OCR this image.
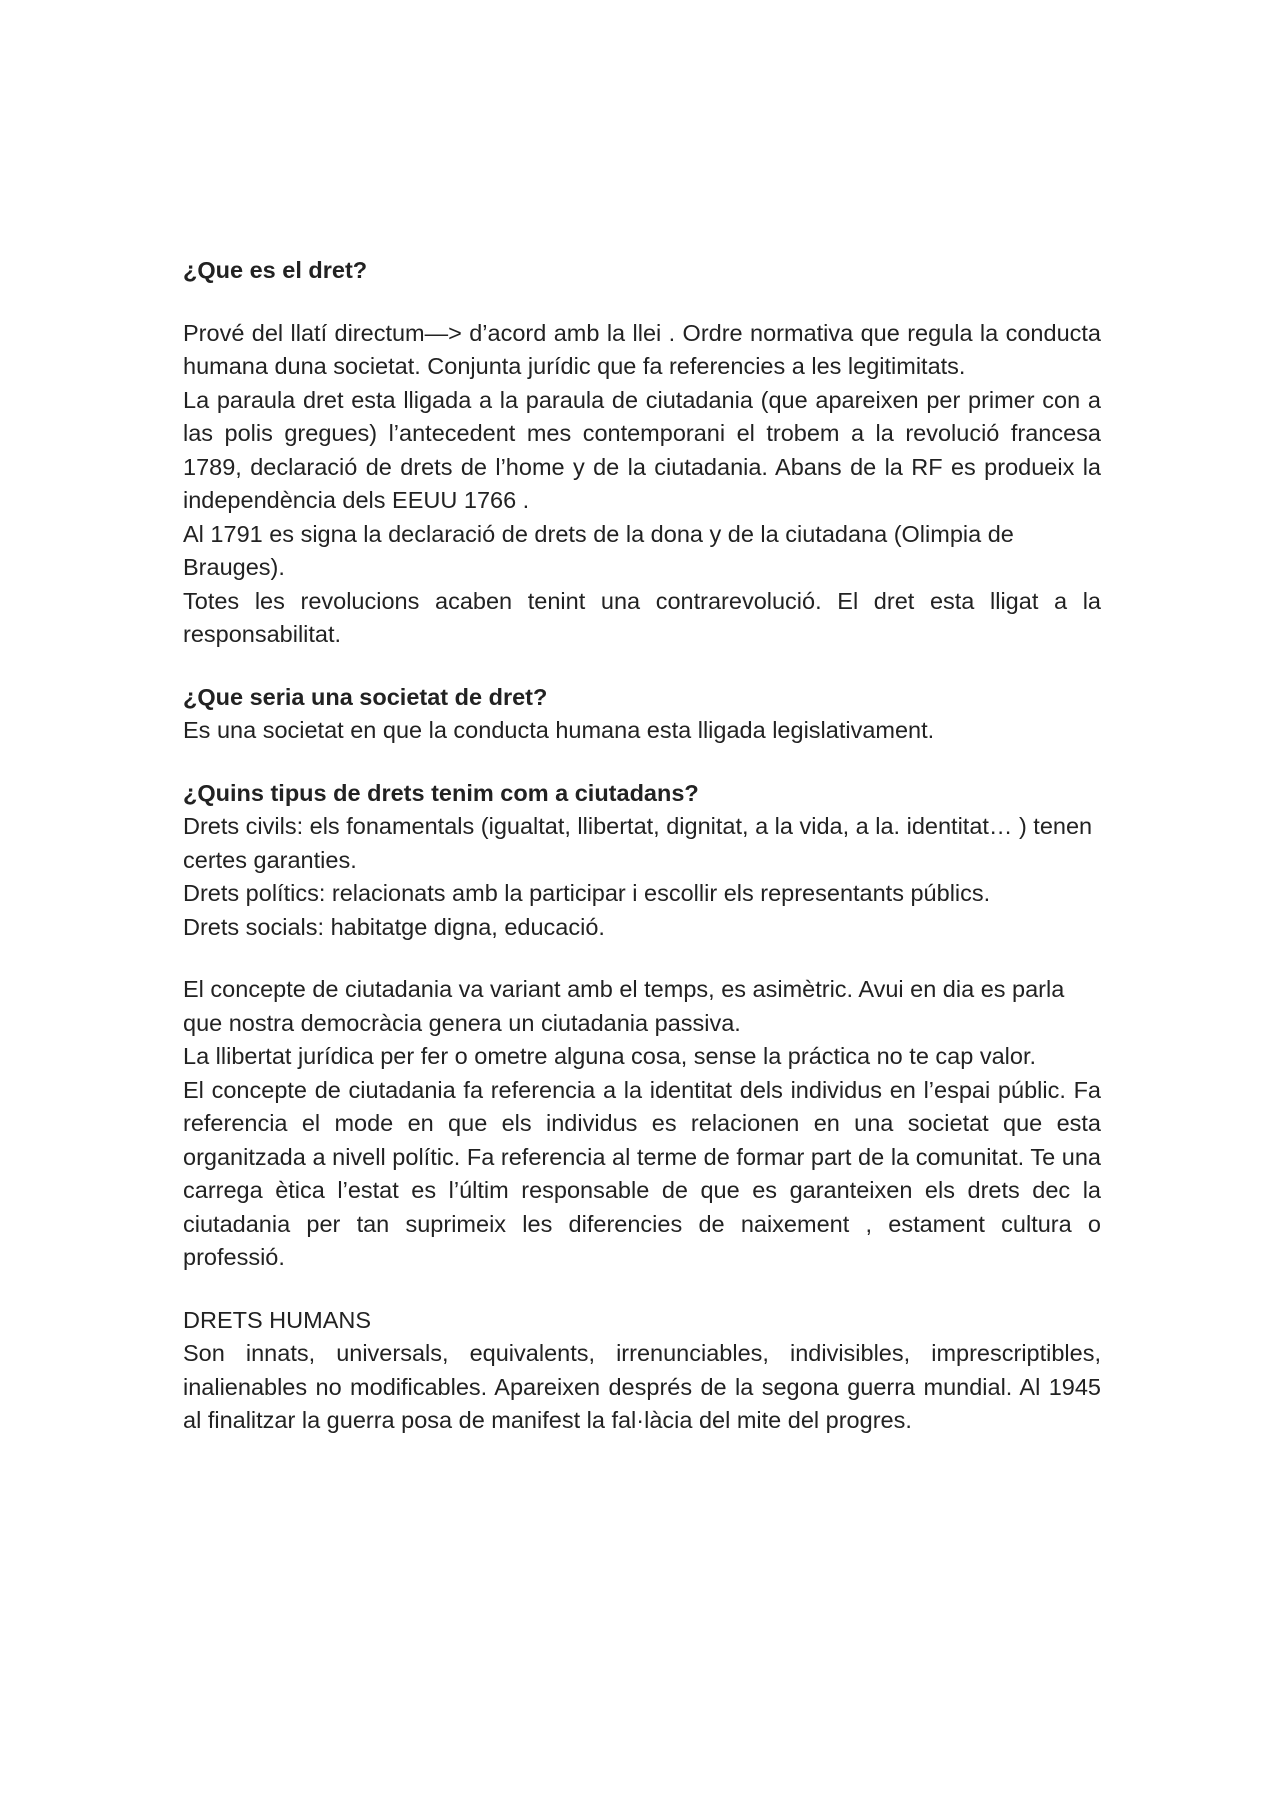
¿Que es el dret?

Prové del llatí directum—> d’acord amb la llei . Ordre normativa que regula la conducta humana duna societat. Conjunta jurídic que fa referencies a les legitimitats.

La paraula dret esta lligada a la paraula de ciutadania (que apareixen per primer con a las polis gregues) l’antecedent mes contemporani el trobem a la revolució francesa 1789, declaració de drets de l’home y de la ciutadania. Abans de la RF es produeix la independència dels EEUU 1766 .

Al 1791 es signa la declaració de drets de la dona y de la ciutadana (Olimpia de Brauges).

Totes les revolucions acaben tenint una contrarevolució. El dret esta lligat a la responsabilitat.

¿Que seria una societat de dret?

Es una societat en que la conducta humana esta lligada legislativament.

¿Quins tipus de drets tenim com a ciutadans?

Drets civils: els fonamentals (igualtat, llibertat, dignitat, a la vida, a la. identitat… ) tenen certes garanties.

Drets polítics: relacionats amb la participar i escollir els representants públics.

Drets socials: habitatge digna, educació.

El concepte de ciutadania va variant amb el temps, es asimètric. Avui en dia es parla que nostra democràcia genera un ciutadania passiva.

La llibertat jurídica per fer o ometre alguna cosa, sense la práctica no te cap valor.

El concepte de ciutadania fa referencia a la identitat dels individus en l’espai públic. Fa referencia el mode en que els individus es relacionen en una societat que esta organitzada a nivell polític. Fa referencia al terme de formar part de la comunitat. Te una carrega ètica l’estat es l’últim responsable de que es garanteixen els drets dec la ciutadania per tan suprimeix les diferencies de naixement , estament cultura o professió.

DRETS HUMANS

Son innats, universals, equivalents, irrenunciables, indivisibles, imprescriptibles, inalienables no modificables. Apareixen després de la segona guerra mundial. Al 1945 al finalitzar la guerra posa de manifest la fal·làcia del mite del progres.
